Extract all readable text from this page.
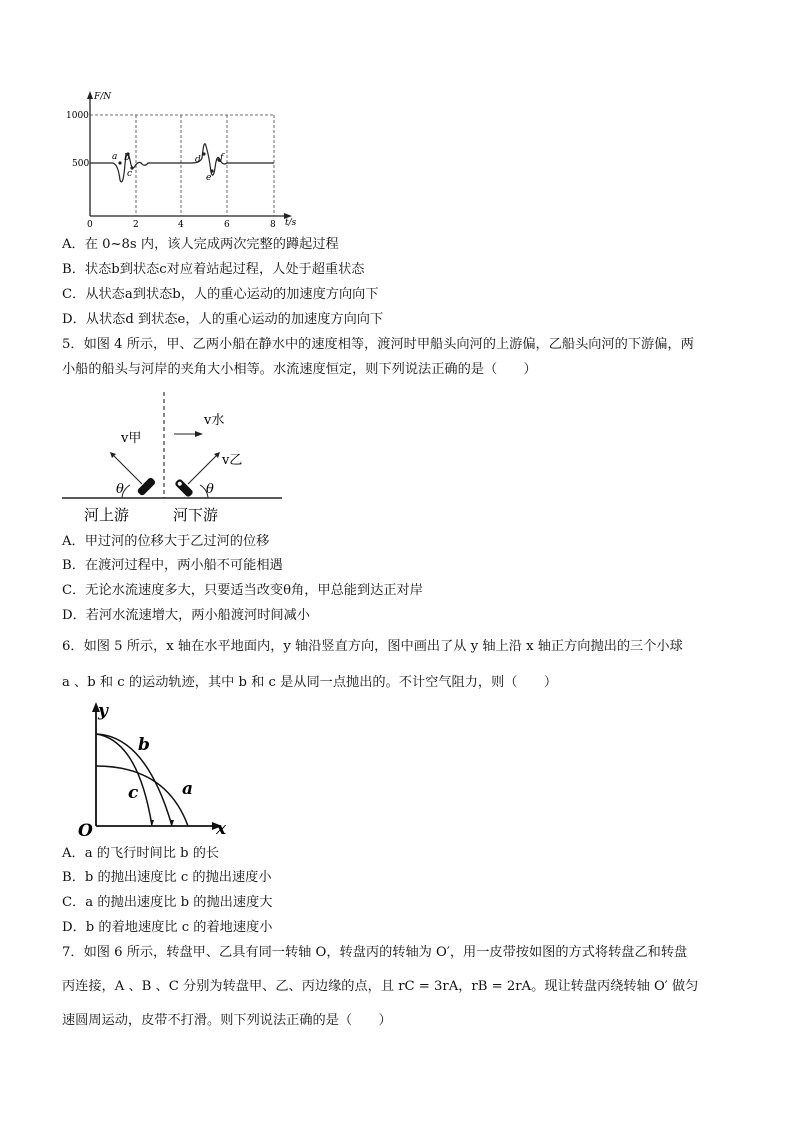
F/N
t/s
1000
500
0	2	4	6	8
a b
c
d
e
f
A．在 0~8s 内，该人完成两次完整的蹲起过程
B．状态b到状态c对应着站起过程，人处于超重状态
C．从状态a到状态b，人的重心运动的加速度方向向下
D．从状态d 到状态e，人的重心运动的加速度方向向下
5．如图 4 所示，甲、乙两小船在静水中的速度相等，渡河时甲船头向河的上游偏，乙船头向河的下游偏，两
小船的船头与河岸的夹角大小相等。水流速度恒定，则下列说法正确的是（　　）
v水
v甲
v乙
θ	θ
河上游	河下游
A．甲过河的位移大于乙过河的位移
B．在渡河过程中，两小船不可能相遇
C．无论水流速度多大，只要适当改变θ角，甲总能到达正对岸
D．若河水流速增大，两小船渡河时间减小
6．如图 5 所示，x 轴在水平地面内，y 轴沿竖直方向，图中画出了从 y 轴上沿 x 轴正方向抛出的三个小球
a 、b 和 c 的运动轨迹，其中 b 和 c 是从同一点抛出的。不计空气阻力，则（　　）
y
x
O
b
c	a
A．a 的飞行时间比 b 的长
B．b 的抛出速度比 c 的抛出速度小
C．a 的抛出速度比 b 的抛出速度大
D．b 的着地速度比 c 的着地速度小
7．如图 6 所示，转盘甲、乙具有同一转轴 O，转盘丙的转轴为 O′，用一皮带按如图的方式将转盘乙和转盘
丙连接，A 、B 、C 分别为转盘甲、乙、丙边缘的点，且 rC = 3rA，rB = 2rA。现让转盘丙绕转轴 O′ 做匀
速圆周运动，皮带不打滑。则下列说法正确的是（　　）
